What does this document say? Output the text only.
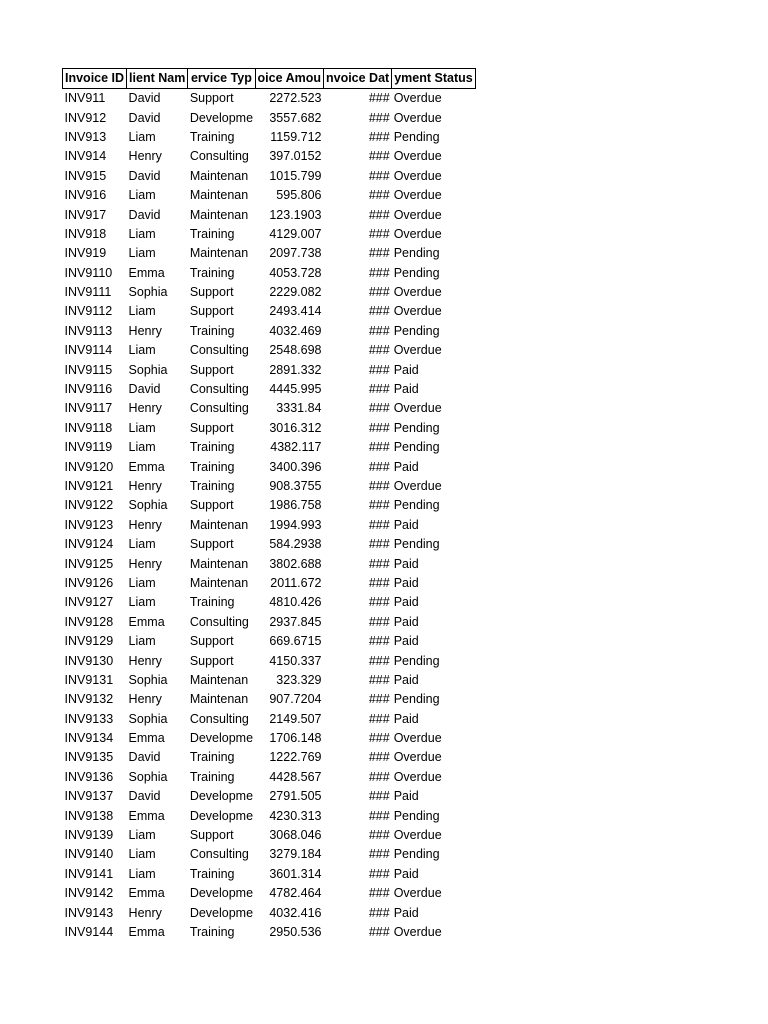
Invoice ID	lient Nam	ervice Typ	oice Amou	nvoice Dat	yment Status
INV911	David	Support	2272.523	###	Overdue
INV912	David	Developme	3557.682	###	Overdue
INV913	Liam	Training	1159.712	###	Pending
INV914	Henry	Consulting	397.0152	###	Overdue
INV915	David	Maintenan	1015.799	###	Overdue
INV916	Liam	Maintenan	595.806	###	Overdue
INV917	David	Maintenan	123.1903	###	Overdue
INV918	Liam	Training	4129.007	###	Overdue
INV919	Liam	Maintenan	2097.738	###	Pending
INV9110	Emma	Training	4053.728	###	Pending
INV9111	Sophia	Support	2229.082	###	Overdue
INV9112	Liam	Support	2493.414	###	Overdue
INV9113	Henry	Training	4032.469	###	Pending
INV9114	Liam	Consulting	2548.698	###	Overdue
INV9115	Sophia	Support	2891.332	###	Paid
INV9116	David	Consulting	4445.995	###	Paid
INV9117	Henry	Consulting	3331.84	###	Overdue
INV9118	Liam	Support	3016.312	###	Pending
INV9119	Liam	Training	4382.117	###	Pending
INV9120	Emma	Training	3400.396	###	Paid
INV9121	Henry	Training	908.3755	###	Overdue
INV9122	Sophia	Support	1986.758	###	Pending
INV9123	Henry	Maintenan	1994.993	###	Paid
INV9124	Liam	Support	584.2938	###	Pending
INV9125	Henry	Maintenan	3802.688	###	Paid
INV9126	Liam	Maintenan	2011.672	###	Paid
INV9127	Liam	Training	4810.426	###	Paid
INV9128	Emma	Consulting	2937.845	###	Paid
INV9129	Liam	Support	669.6715	###	Paid
INV9130	Henry	Support	4150.337	###	Pending
INV9131	Sophia	Maintenan	323.329	###	Paid
INV9132	Henry	Maintenan	907.7204	###	Pending
INV9133	Sophia	Consulting	2149.507	###	Paid
INV9134	Emma	Developme	1706.148	###	Overdue
INV9135	David	Training	1222.769	###	Overdue
INV9136	Sophia	Training	4428.567	###	Overdue
INV9137	David	Developme	2791.505	###	Paid
INV9138	Emma	Developme	4230.313	###	Pending
INV9139	Liam	Support	3068.046	###	Overdue
INV9140	Liam	Consulting	3279.184	###	Pending
INV9141	Liam	Training	3601.314	###	Paid
INV9142	Emma	Developme	4782.464	###	Overdue
INV9143	Henry	Developme	4032.416	###	Paid
INV9144	Emma	Training	2950.536	###	Overdue
